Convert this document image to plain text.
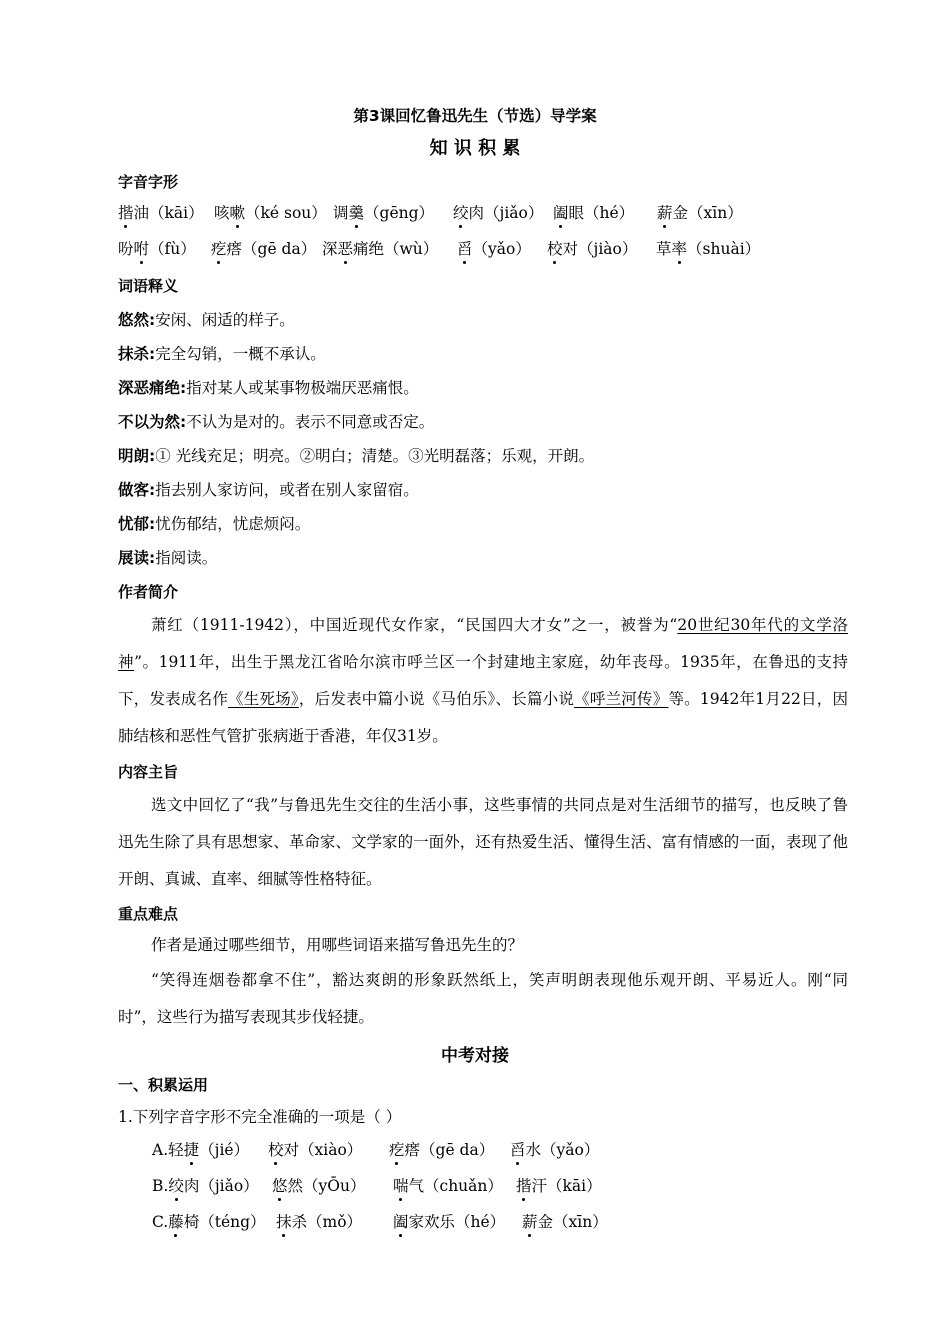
第3课回忆鲁迅先生（节选）导学案
知 识 积 累
字音字形
揩油（kāi） 咳嗽（ké sou） 调羹（gēng） 绞肉（jiǎo） 阖眼（hé） 薪金（xīn）
吩咐（fù） 疙瘩（gē da） 深恶痛绝（wù） 舀（yǎo） 校对（jiào） 草率（shuài）
词语释义
悠然:安闲、闲适的样子。
抹杀:完全勾销，一概不承认。
深恶痛绝:指对某人或某事物极端厌恶痛恨。
不以为然:不认为是对的。表示不同意或否定。
明朗:① 光线充足；明亮。②明白；清楚。③光明磊落；乐观，开朗。
做客:指去别人家访问，或者在别人家留宿。
忧郁:忧伤郁结，忧虑烦闷。
展读:指阅读。
作者简介
萧红（1911-1942），中国近现代女作家，“民国四大才女”之一，被誉为“20世纪30年代的文学洛神”。1911年，出生于黑龙江省哈尔滨市呼兰区一个封建地主家庭，幼年丧母。1935年，在鲁迅的支持下，发表成名作《生死场》，后发表中篇小说《马伯乐》、长篇小说《呼兰河传》等。1942年1月22日，因肺结核和恶性气管扩张病逝于香港，年仅31岁。
内容主旨
选文中回忆了“我”与鲁迅先生交往的生活小事，这些事情的共同点是对生活细节的描写，也反映了鲁迅先生除了具有思想家、革命家、文学家的一面外，还有热爱生活、懂得生活、富有情感的一面，表现了他开朗、真诚、直率、细腻等性格特征。
重点难点
作者是通过哪些细节，用哪些词语来描写鲁迅先生的？
“笑得连烟卷都拿不住”，豁达爽朗的形象跃然纸上，笑声明朗表现他乐观开朗、平易近人。刚“同时”，这些行为描写表现其步伐轻捷。
中考对接
一、积累运用
1.下列字音字形不完全准确的一项是（ ）
A.轻捷（jié） 校对（xiào） 疙瘩（gē da） 舀水（yǎo）
B.绞肉（jiǎo） 悠然（yŌu） 喘气（chuǎn） 揩汗（kāi）
C.藤椅（téng） 抹杀（mǒ） 阖家欢乐（hé） 薪金（xīn）
